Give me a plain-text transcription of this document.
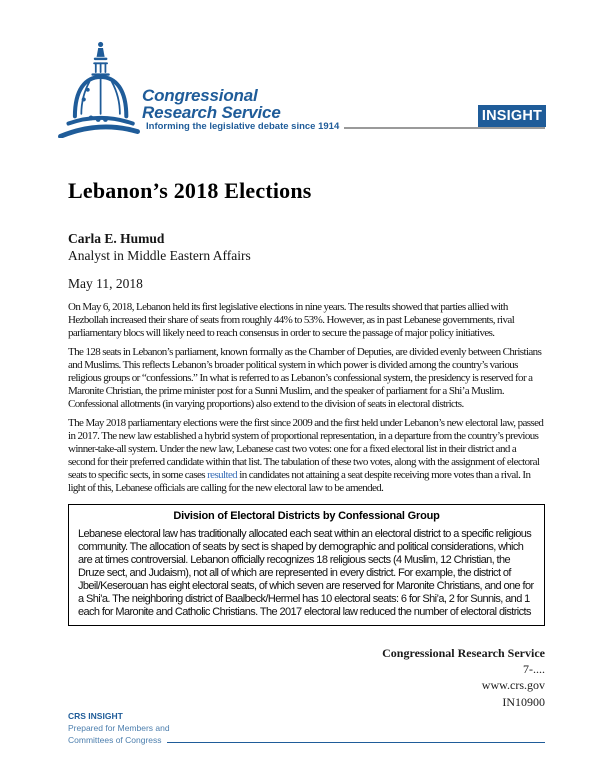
Congressional
Research Service
Informing the legislative debate since 1914
INSIGHT
Lebanon’s 2018 Elections
Carla E. Humud
Analyst in Middle Eastern Affairs
May 11, 2018

On May 6, 2018, Lebanon held its first legislative elections in nine years. The results showed that parties allied with Hezbollah increased their share of seats from roughly 44% to 53%. However, as in past Lebanese governments, rival parliamentary blocs will likely need to reach consensus in order to secure the passage of major policy initiatives.

The 128 seats in Lebanon’s parliament, known formally as the Chamber of Deputies, are divided evenly between Christians and Muslims. This reflects Lebanon’s broader political system in which power is divided among the country’s various religious groups or “confessions.” In what is referred to as Lebanon’s confessional system, the presidency is reserved for a Maronite Christian, the prime minister post for a Sunni Muslim, and the speaker of parliament for a Shi’a Muslim. Confessional allotments (in varying proportions) also extend to the division of seats in electoral districts.

The May 2018 parliamentary elections were the first since 2009 and the first held under Lebanon’s new electoral law, passed in 2017. The new law established a hybrid system of proportional representation, in a departure from the country’s previous winner-take-all system. Under the new law, Lebanese cast two votes: one for a fixed electoral list in their district and a second for their preferred candidate within that list. The tabulation of these two votes, along with the assignment of electoral seats to specific sects, in some cases resulted in candidates not attaining a seat despite receiving more votes than a rival. In light of this, Lebanese officials are calling for the new electoral law to be amended.

Division of Electoral Districts by Confessional Group

Lebanese electoral law has traditionally allocated each seat within an electoral district to a specific religious community. The allocation of seats by sect is shaped by demographic and political considerations, which are at times controversial. Lebanon officially recognizes 18 religious sects (4 Muslim, 12 Christian, the Druze sect, and Judaism), not all of which are represented in every district. For example, the district of Jbeil/Keserouan has eight electoral seats, of which seven are reserved for Maronite Christians, and one for a Shi’a. The neighboring district of Baalbeck/Hermel has 10 electoral seats: 6 for Shi’a, 2 for Sunnis, and 1 each for Maronite and Catholic Christians. The 2017 electoral law reduced the number of electoral districts

Congressional Research Service
7-....
www.crs.gov
IN10900
CRS INSIGHT
Prepared for Members and
Committees of Congress
